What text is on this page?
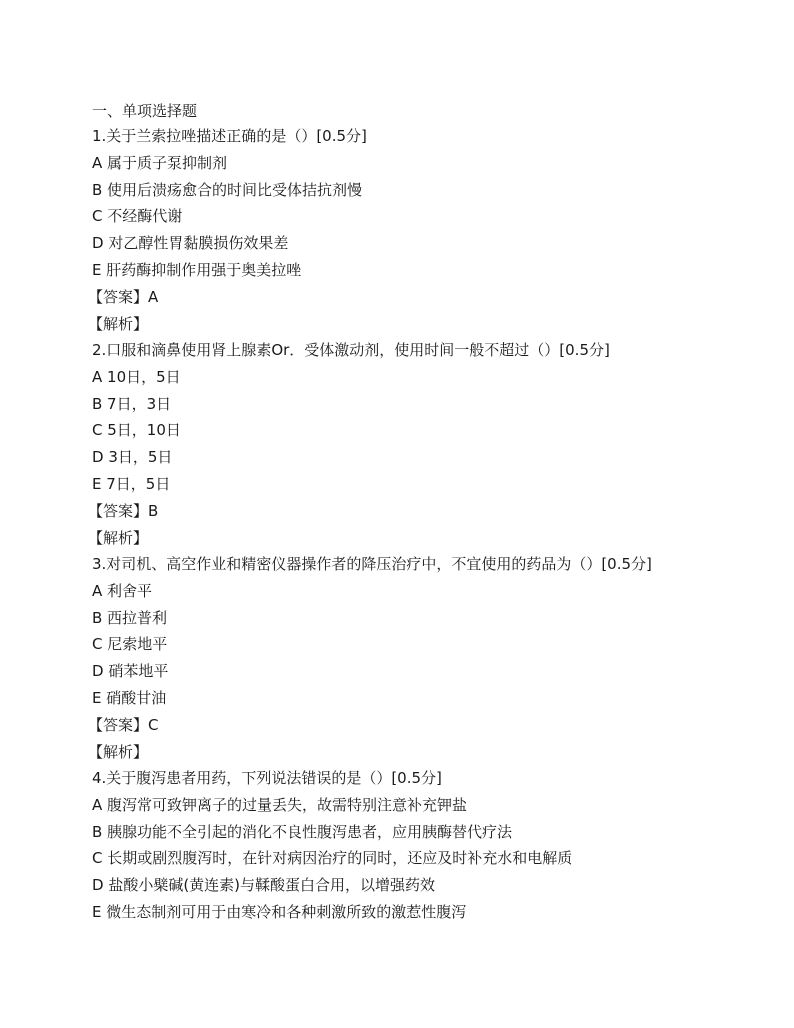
一、单项选择题
1.关于兰索拉唑描述正确的是（）[0.5分]
A 属于质子泵抑制剂
B 使用后溃疡愈合的时间比受体拮抗剂慢
C 不经酶代谢
D 对乙醇性胃黏膜损伤效果差
E 肝药酶抑制作用强于奥美拉唑
【答案】A
【解析】
2.口服和滴鼻使用肾上腺素Or．受体激动剂，使用时间一般不超过（）[0.5分]
A 10日，5日
B 7日，3日
C 5日，10日
D 3日，5日
E 7日，5日
【答案】B
【解析】
3.对司机、高空作业和精密仪器操作者的降压治疗中，不宜使用的药品为（）[0.5分]
A 利舍平
B 西拉普利
C 尼索地平
D 硝苯地平
E 硝酸甘油
【答案】C
【解析】
4.关于腹泻患者用药，下列说法错误的是（）[0.5分]
A 腹泻常可致钾离子的过量丢失，故需特别注意补充钾盐
B 胰腺功能不全引起的消化不良性腹泻患者，应用胰酶替代疗法
C 长期或剧烈腹泻时，在针对病因治疗的同时，还应及时补充水和电解质
D 盐酸小檗碱(黄连素)与鞣酸蛋白合用，以增强药效
E 微生态制剂可用于由寒冷和各种刺激所致的激惹性腹泻
